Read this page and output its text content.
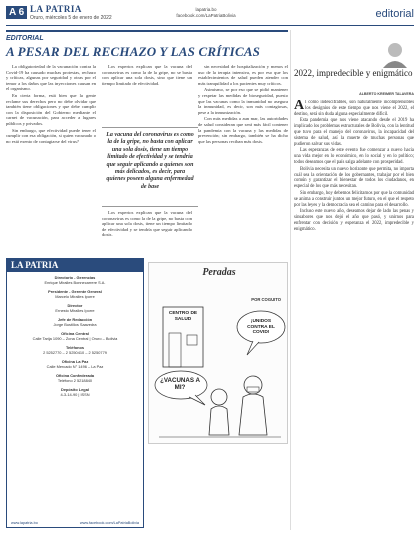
A 6 LA PATRIA
Oruro, miércoles 5 de enero de 2022
lapatria.bo
facebook.com/LaPatriaBolivia	editorial
EDITORIAL
A PESAR DEL RECHAZO Y LAS CRÍTICAS

La obligatoriedad de la vacunación contra la Covid-19 ha causado muchas protestas, rechazo y críticas, algunas por seguridad y otras por el temor a los daños que las inyecciones causan en el organismo.

En cierta forma, está bien que la gente reclame sus derechos pero no debe olvidar que también tiene obligaciones y que debe cumplir con la disposición del Gobierno mediante el carnet de vacunación, para acceder a lugares públicos y privados.

Sin embargo, que efectividad puede tener el cumplir con esa obligación, si quien vacunado o no está exento de contagiarse del virus?

Los expertos explican que la vacuna del coronavirus es como la de la gripe, no se basta con aplicar una sola dosis, sino que tiene un tiempo limitado de efectividad.

La vacuna del coronavirus es como la de la gripe, no basta con aplicar una sola dosis, tiene un tiempo limitado de efectividad y se tendría que seguir aplicando a quienes son más delicados, es decir, para quienes poseen alguna enfermedad de base

Los expertos explican que la vacuna del coronavirus es como la de la gripe, no basta con aplicar una sola dosis, tiene un tiempo limitado de efectividad y se tendría que seguir aplicando dosis.

sin necesidad de hospitalización y menos el uso de la terapia intensiva, es por eso que los establecimientos de salud pueden atender con más tranquilidad a los pacientes muy críticos.

Asimismo, se por eso que se pidió mantener y respetar las medidas de bioseguridad, puesto que las vacunas como la inmunidad no asegura la inmunidad, es decir, son más contagiosas, pese a la inmunización.

Con más medidas a aun mar, las autoridades de salud consideran que será más fácil contener la pandemia con la vacuna y las medidas de prevención; sin embargo, también se ha dicho que las personas reciban más dosis.

LA PATRIA
Directorio - Gerencias
Enrique Miralles Bonnecarrere S.A.
Presidente - Gerente General
Marcelo Miralles Iporre
Director
Ernesto Miralles Iporre
Jefe de Redacción
Jorge Bustillos Saavedra
Oficina Central
Calle Tarija 1090 – Zona Central | Oruro – Bolivia
Teléfonos
2 5252770 – 2 5250410 – 2 5250779
Oficina La Paz
Calle Mercado N° 1496 – La Paz
Oficina Confederada
Teléfono 2 5218840
Depósito Legal
4-3-14-90 | ISSN
www.lapatria.bo	www.facebook.com/LaPatriaBolivia
Peradas
POR COGUITO
CENTRO DE SALUD	¡UNIDOS CONTRA EL COVID!
¿VACUNAS A MI?
2022, impredecible y enigmático
ALBERTO KREIMER TALAVERA

Al como indescifrables, son naturalmente incomprensibles los designios de este tiempo que nos viene el 2022, el destino, será sin duda alguna especialmente dificil.

Esta pandemia que nos viene atacando desde el 2019 ha implicado los problemas estructurales de Bolivia, con la lentitud que tuvo para el manejo del coronavirus, la incapacidad del sistema de salud, así la muerte de muchas personas que pudieron salvar sus vidas.

Las esperanzas de este evento fue comenzar a nuevo hacia una vida mejor en lo económico, en lo social y en lo político; todos deseamos que el país salga adelante con prosperidad.

Bolivia necesita un nuevo horizonte que permita, no importa cuál sea la orientación de los gobernantes, trabajar por el bien común y garantizar el bienestar de todos los ciudadanos, en especial de los que más necesitan.

Sin embargo, hoy debemos felicitarnos por que la comunidad se anima a construir juntos un mejor futuro, en el que el respeto por las leyes y la democracia sea el camino para el desarrollo.

Incluso este nuevo año, deseamos dejar de lado las penas y sinsabores que nos dejó el año que pasó, y unirnos para enfrentar con decisión y esperanza el 2022, impredecible y enigmático.
